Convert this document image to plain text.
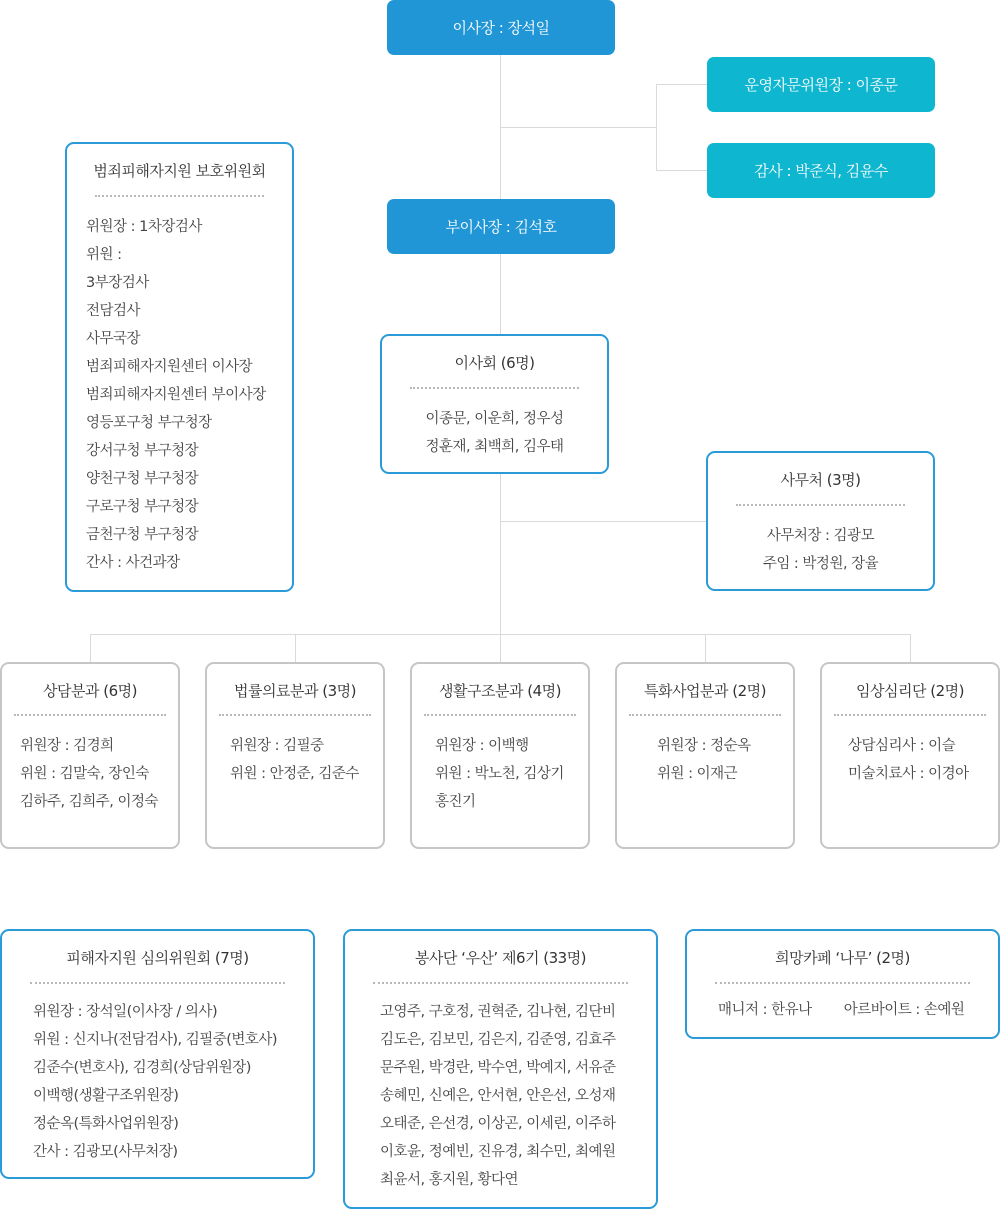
이사장 : 장석일
운영자문위원장 : 이종문
감사 : 박준식, 김윤수
부이사장 : 김석호
범죄피해자지원 보호위원회
위원장 : 1차장검사
위원 :
3부장검사
전담검사
사무국장
범죄피해자지원센터 이사장
범죄피해자지원센터 부이사장
영등포구청 부구청장
강서구청 부구청장
양천구청 부구청장
구로구청 부구청장
금천구청 부구청장
간사 : 사건과장
이사회 (6명)
이종문, 이운희, 정우성
정훈재, 최백희, 김우태
사무처 (3명)
사무처장 : 김광모
주임 : 박정원, 장율
상담분과 (6명)
위원장 : 김경희
위원 : 김말숙, 장인숙
김하주, 김희주, 이정숙
법률의료분과 (3명)
위원장 : 김필중
위원 : 안정준, 김준수
생활구조분과 (4명)
위원장 : 이백행
위원 : 박노천, 김상기
홍진기
특화사업분과 (2명)
위원장 : 정순옥
위원 : 이재근
임상심리단 (2명)
상담심리사 : 이슬
미술치료사 : 이경아
피해자지원 심의위원회 (7명)
위원장 : 장석일(이사장 / 의사)
위원 : 신지나(전담검사), 김필중(변호사)
김준수(변호사), 김경희(상담위원장)
이백행(생활구조위원장)
정순옥(특화사업위원장)
간사 : 김광모(사무처장)
봉사단 ‘우산’ 제6기 (33명)
고영주, 구호정, 권혁준, 김나현, 김단비
김도은, 김보민, 김은지, 김준영, 김효주
문주원, 박경란, 박수연, 박예지, 서유준
송혜민, 신예은, 안서현, 안은선, 오성재
오태준, 은선경, 이상곤, 이세린, 이주하
이호윤, 정예빈, 진유경, 최수민, 최예원
최윤서, 홍지원, 황다연
희망카페 ‘나무’ (2명)
매니저 : 한유나 아르바이트 : 손예원
